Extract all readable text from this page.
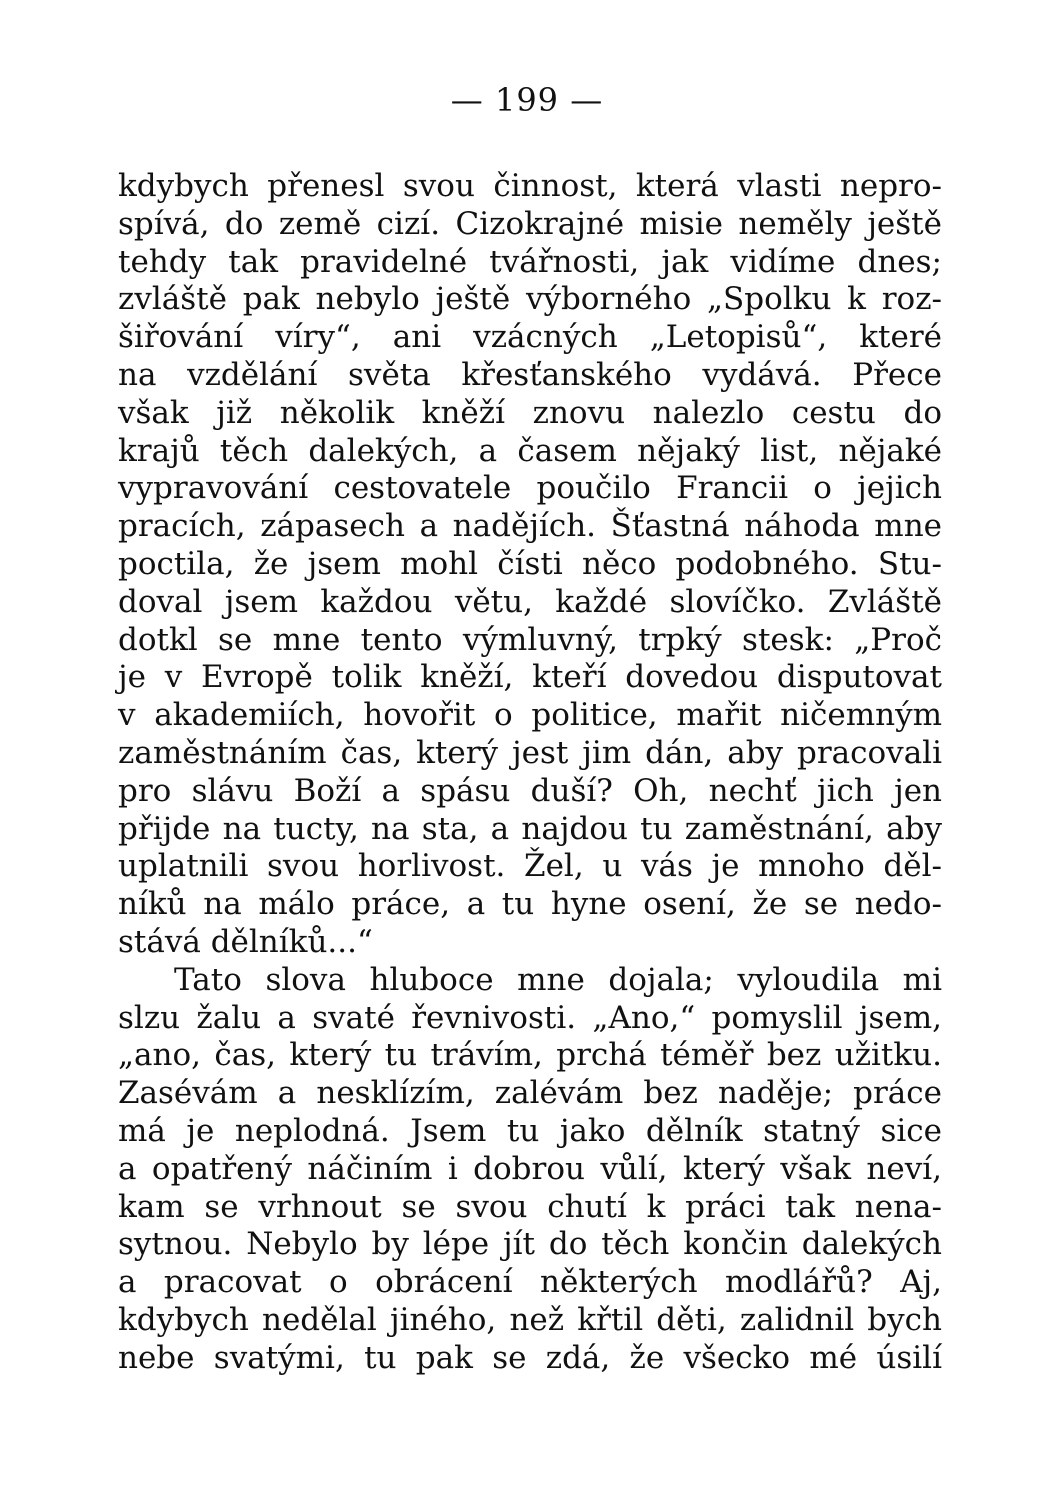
— 199 —
kdybych přenesl svou činnost, která vlasti nepro-
spívá, do země cizí. Cizokrajné misie neměly ještě
tehdy tak pravidelné tvářnosti, jak vidíme dnes;
zvláště pak nebylo ještě výborného „Spolku k roz-
šiřování víry“, ani vzácných „Letopisů“, které
na vzdělání světa křesťanského vydává. Přece
však již několik kněží znovu nalezlo cestu do
krajů těch dalekých, a časem nějaký list, nějaké
vypravování cestovatele poučilo Francii o jejich
pracích, zápasech a nadějích. Šťastná náhoda mne
poctila, že jsem mohl čísti něco podobného. Stu-
doval jsem každou větu, každé slovíčko. Zvláště
dotkl se mne tento výmluvný, trpký stesk: „Proč
je v Evropě tolik kněží, kteří dovedou disputovat
v akademiích, hovořit o politice, mařit ničemným
zaměstnáním čas, který jest jim dán, aby pracovali
pro slávu Boží a spásu duší? Oh, nechť jich jen
přijde na tucty, na sta, a najdou tu zaměstnání, aby
uplatnili svou horlivost. Žel, u vás je mnoho děl-
níků na málo práce, a tu hyne osení, že se nedo-
stává dělníků...“
Tato slova hluboce mne dojala; vyloudila mi
slzu žalu a svaté řevnivosti. „Ano,“ pomyslil jsem,
„ano, čas, který tu trávím, prchá téměř bez užitku.
Zasévám a nesklízím, zalévám bez naděje; práce
má je neplodná. Jsem tu jako dělník statný sice
a opatřený náčiním i dobrou vůlí, který však neví,
kam se vrhnout se svou chutí k práci tak nena-
sytnou. Nebylo by lépe jít do těch končin dalekých
a pracovat o obrácení některých modlářů? Aj,
kdybych nedělal jiného, než křtil děti, zalidnil bych
nebe svatými, tu pak se zdá, že všecko mé úsilí
